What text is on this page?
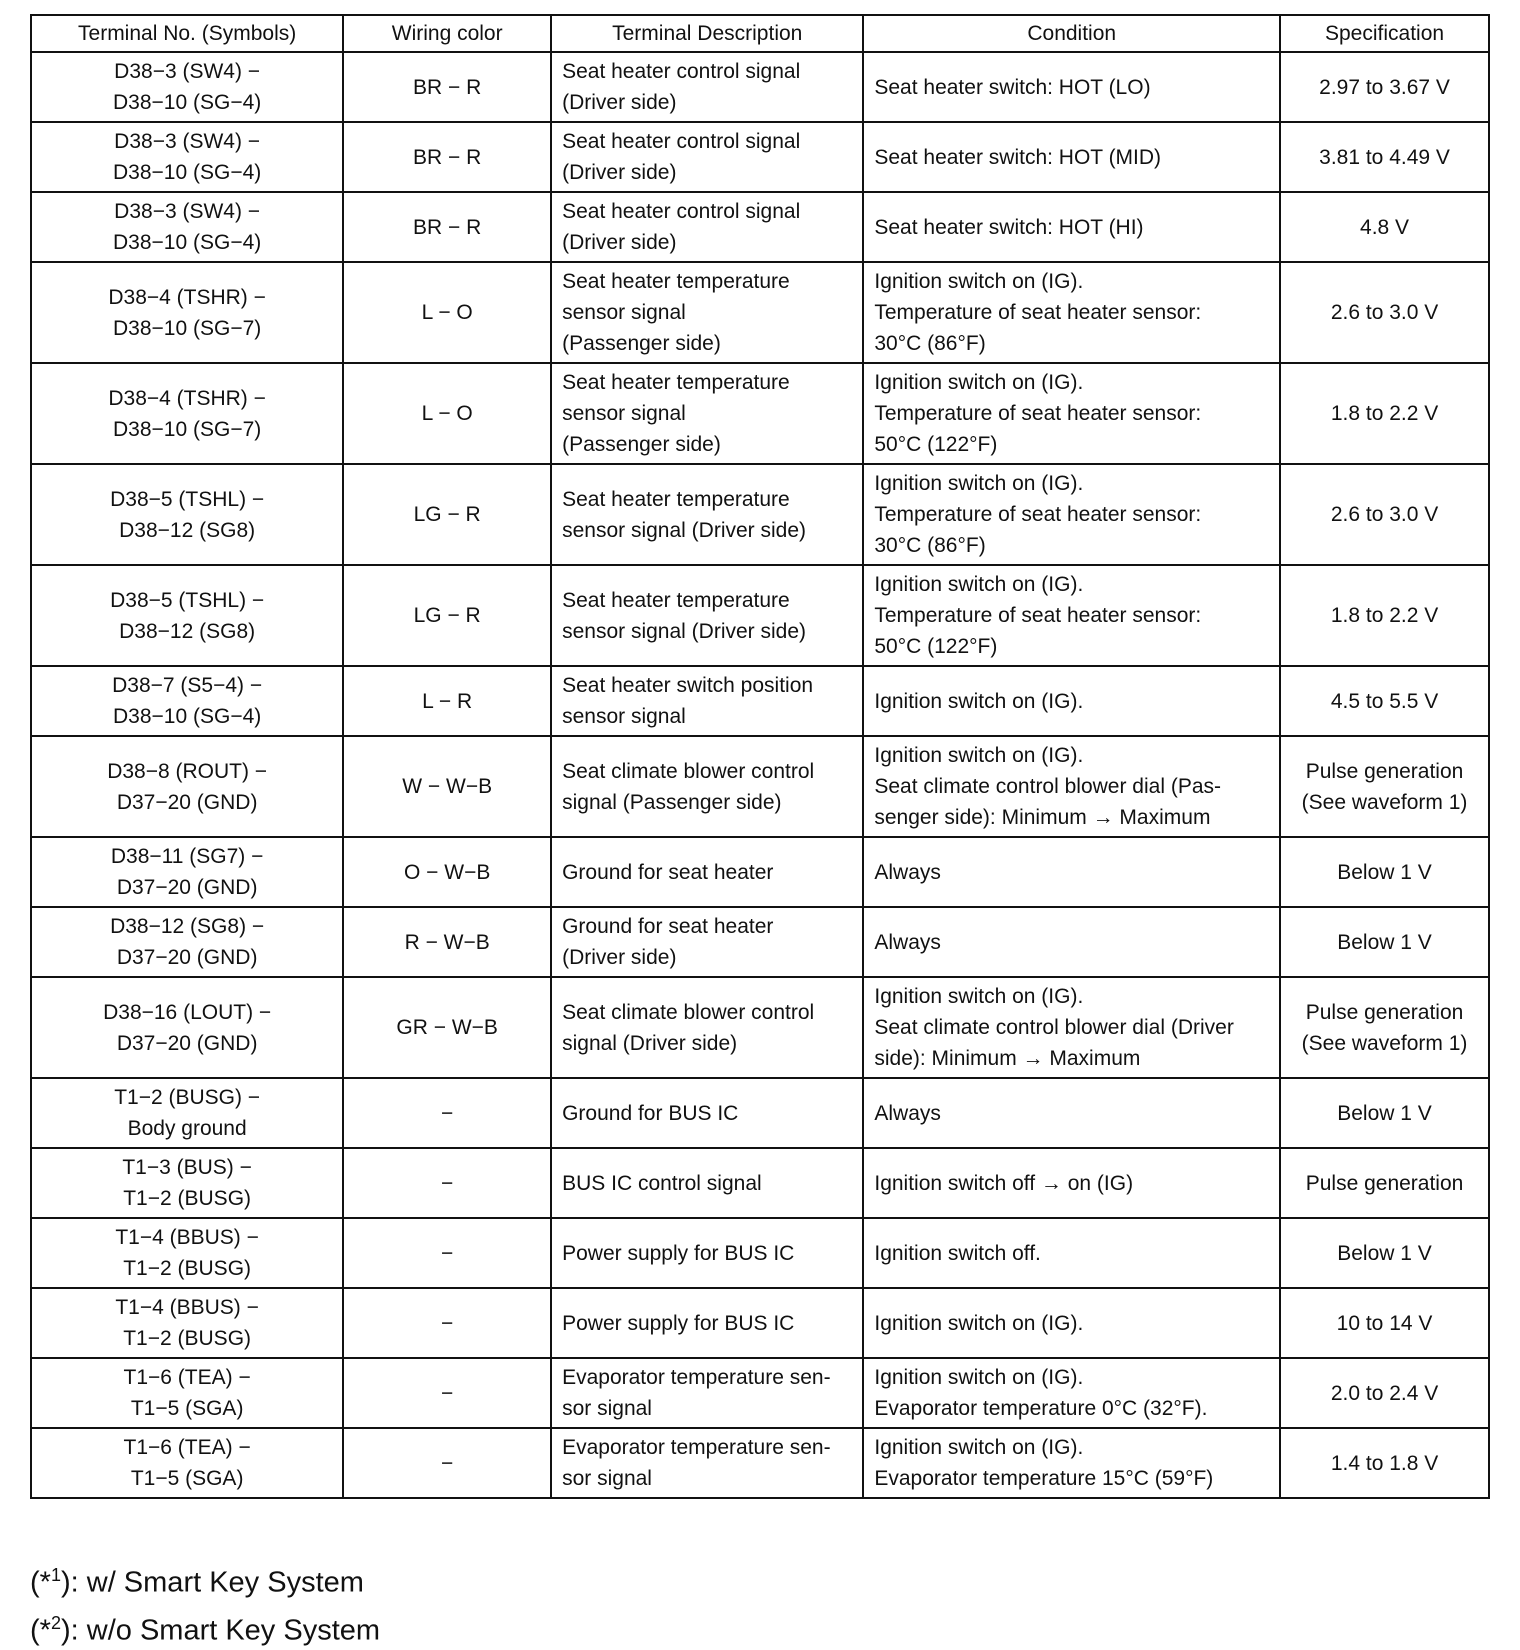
Terminal No. (Symbols)	Wiring color	Terminal Description	Condition	Specification

D38−3 (SW4) −
D38−10 (SG−4)	BR − R	Seat heater control signal
(Driver side)	Seat heater switch: HOT (LO)	2.97 to 3.67 V

D38−3 (SW4) −
D38−10 (SG−4)	BR − R	Seat heater control signal
(Driver side)	Seat heater switch: HOT (MID)	3.81 to 4.49 V

D38−3 (SW4) −
D38−10 (SG−4)	BR − R	Seat heater control signal
(Driver side)	Seat heater switch: HOT (HI)	4.8 V

D38−4 (TSHR) −
D38−10 (SG−7)	L − O	Seat heater temperature
sensor signal
(Passenger side)	Ignition switch on (IG).
Temperature of seat heater sensor:
30°C (86°F)	2.6 to 3.0 V

D38−4 (TSHR) −
D38−10 (SG−7)	L − O	Seat heater temperature
sensor signal
(Passenger side)	Ignition switch on (IG).
Temperature of seat heater sensor:
50°C (122°F)	1.8 to 2.2 V

D38−5 (TSHL) −
D38−12 (SG8)	LG − R	Seat heater temperature
sensor signal (Driver side)	Ignition switch on (IG).
Temperature of seat heater sensor:
30°C (86°F)	2.6 to 3.0 V

D38−5 (TSHL) −
D38−12 (SG8)	LG − R	Seat heater temperature
sensor signal (Driver side)	Ignition switch on (IG).
Temperature of seat heater sensor:
50°C (122°F)	1.8 to 2.2 V

D38−7 (S5−4) −
D38−10 (SG−4)	L − R	Seat heater switch position
sensor signal	Ignition switch on (IG).	4.5 to 5.5 V

D38−8 (ROUT) −
D37−20 (GND)	W − W−B	Seat climate blower control
signal (Passenger side)	Ignition switch on (IG).
Seat climate control blower dial (Pas-
senger side): Minimum → Maximum	Pulse generation
(See waveform 1)

D38−11 (SG7) −
D37−20 (GND)	O − W−B	Ground for seat heater	Always	Below 1 V

D38−12 (SG8) −
D37−20 (GND)	R − W−B	Ground for seat heater
(Driver side)	Always	Below 1 V

D38−16 (LOUT) −
D37−20 (GND)	GR − W−B	Seat climate blower control
signal (Driver side)	Ignition switch on (IG).
Seat climate control blower dial (Driver
side): Minimum → Maximum	Pulse generation
(See waveform 1)

T1−2 (BUSG) −
Body ground	−	Ground for BUS IC	Always	Below 1 V

T1−3 (BUS) −
T1−2 (BUSG)	−	BUS IC control signal	Ignition switch off → on (IG)	Pulse generation

T1−4 (BBUS) −
T1−2 (BUSG)	−	Power supply for BUS IC	Ignition switch off.	Below 1 V

T1−4 (BBUS) −
T1−2 (BUSG)	−	Power supply for BUS IC	Ignition switch on (IG).	10 to 14 V

T1−6 (TEA) −
T1−5 (SGA)	−	Evaporator temperature sen-
sor signal	Ignition switch on (IG).
Evaporator temperature 0°C (32°F).	2.0 to 2.4 V

T1−6 (TEA) −
T1−5 (SGA)	−	Evaporator temperature sen-
sor signal	Ignition switch on (IG).
Evaporator temperature 15°C (59°F)	1.4 to 1.8 V
(*$^1$): w/ Smart Key System
(*$^2$): w/o Smart Key System
